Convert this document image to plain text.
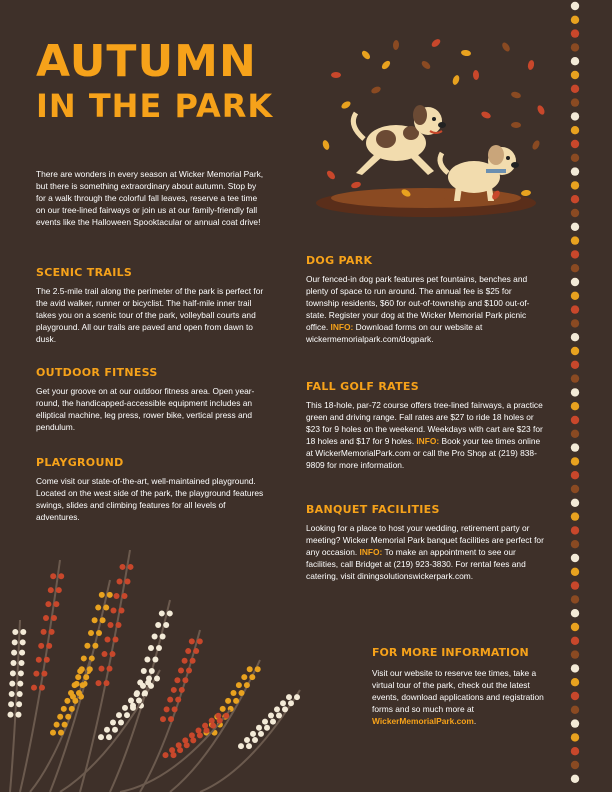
AUTUMN
IN THE PARK
There are wonders in every season at Wicker Memorial Park, but there is something extraordinary about autumn. Stop by for a walk through the colorful fall leaves, reserve a tee time on our tree-lined fairways or join us at our family-friendly fall events like the Halloween Spooktacular or annual coat drive!
SCENIC TRAILS

The 2.5-mile trail along the perimeter of the park is perfect for the avid walker, runner or bicyclist. The half-mile inner trail takes you on a scenic tour of the park, volleyball courts and playground. All our trails are paved and open from dawn to dusk.

OUTDOOR FITNESS

Get your groove on at our outdoor fitness area. Open year-round, the handicapped-accessible equipment includes an elliptical machine, leg press, rower bike, vertical press and pendulum.

PLAYGROUND

Come visit our state-of-the-art, well-maintained playground. Located on the west side of the park, the playground features swings, slides and climbing features for all levels of adventures.

DOG PARK

Our fenced-in dog park features pet fountains, benches and plenty of space to run around. The annual fee is $25 for township residents, $60 for out-of-township and $100 out-of-state. Register your dog at the Wicker Memorial Park picnic office. INFO: Download forms on our website at wickermemorialpark.com/dogpark.

FALL GOLF RATES

This 18-hole, par-72 course offers tree-lined fairways, a practice green and driving range. Fall rates are $27 to ride 18 holes or $23 for 9 holes on the weekend. Weekdays with cart are $23 for 18 holes and $17 for 9 holes. INFO: Book your tee times online at WickerMemorialPark.com or call the Pro Shop at (219) 838-9809 for more information.

BANQUET FACILITIES

Looking for a place to host your wedding, retirement party or meeting? Wicker Memorial Park banquet facilities are perfect for any occasion. INFO: To make an appointment to see our facilities, call Bridget at (219) 923-3830. For rental fees and catering, visit diningsolutionswickerpark.com.

FOR MORE INFORMATION

Visit our website to reserve tee times, take a virtual tour of the park, check out the latest events, download applications and registration forms and so much more at WickerMemorialPark.com.
